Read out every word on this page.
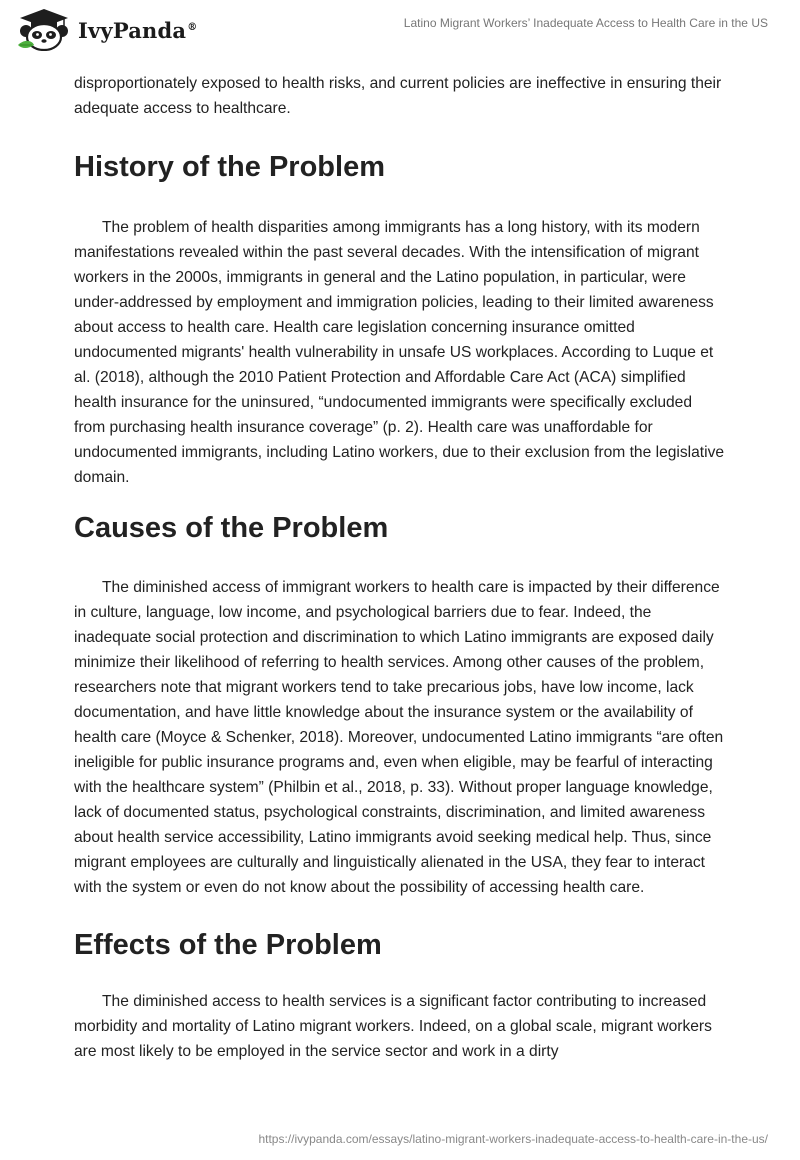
IvyPanda®	Latino Migrant Workers’ Inadequate Access to Health Care in the US

disproportionately exposed to health risks, and current policies are ineffective in ensuring their adequate access to healthcare.

History of the Problem

The problem of health disparities among immigrants has a long history, with its modern manifestations revealed within the past several decades. With the intensification of migrant workers in the 2000s, immigrants in general and the Latino population, in particular, were under-addressed by employment and immigration policies, leading to their limited awareness about access to health care. Health care legislation concerning insurance omitted undocumented migrants' health vulnerability in unsafe US workplaces. According to Luque et al. (2018), although the 2010 Patient Protection and Affordable Care Act (ACA) simplified health insurance for the uninsured, “undocumented immigrants were specifically excluded from purchasing health insurance coverage” (p. 2). Health care was unaffordable for undocumented immigrants, including Latino workers, due to their exclusion from the legislative domain.

Causes of the Problem

The diminished access of immigrant workers to health care is impacted by their difference in culture, language, low income, and psychological barriers due to fear. Indeed, the inadequate social protection and discrimination to which Latino immigrants are exposed daily minimize their likelihood of referring to health services. Among other causes of the problem, researchers note that migrant workers tend to take precarious jobs, have low income, lack documentation, and have little knowledge about the insurance system or the availability of health care (Moyce & Schenker, 2018). Moreover, undocumented Latino immigrants “are often ineligible for public insurance programs and, even when eligible, may be fearful of interacting with the healthcare system” (Philbin et al., 2018, p. 33). Without proper language knowledge, lack of documented status, psychological constraints, discrimination, and limited awareness about health service accessibility, Latino immigrants avoid seeking medical help. Thus, since migrant employees are culturally and linguistically alienated in the USA, they fear to interact with the system or even do not know about the possibility of accessing health care.

Effects of the Problem

The diminished access to health services is a significant factor contributing to increased morbidity and mortality of Latino migrant workers. Indeed, on a global scale, migrant workers are most likely to be employed in the service sector and work in a dirty

https://ivypanda.com/essays/latino-migrant-workers-inadequate-access-to-health-care-in-the-us/
